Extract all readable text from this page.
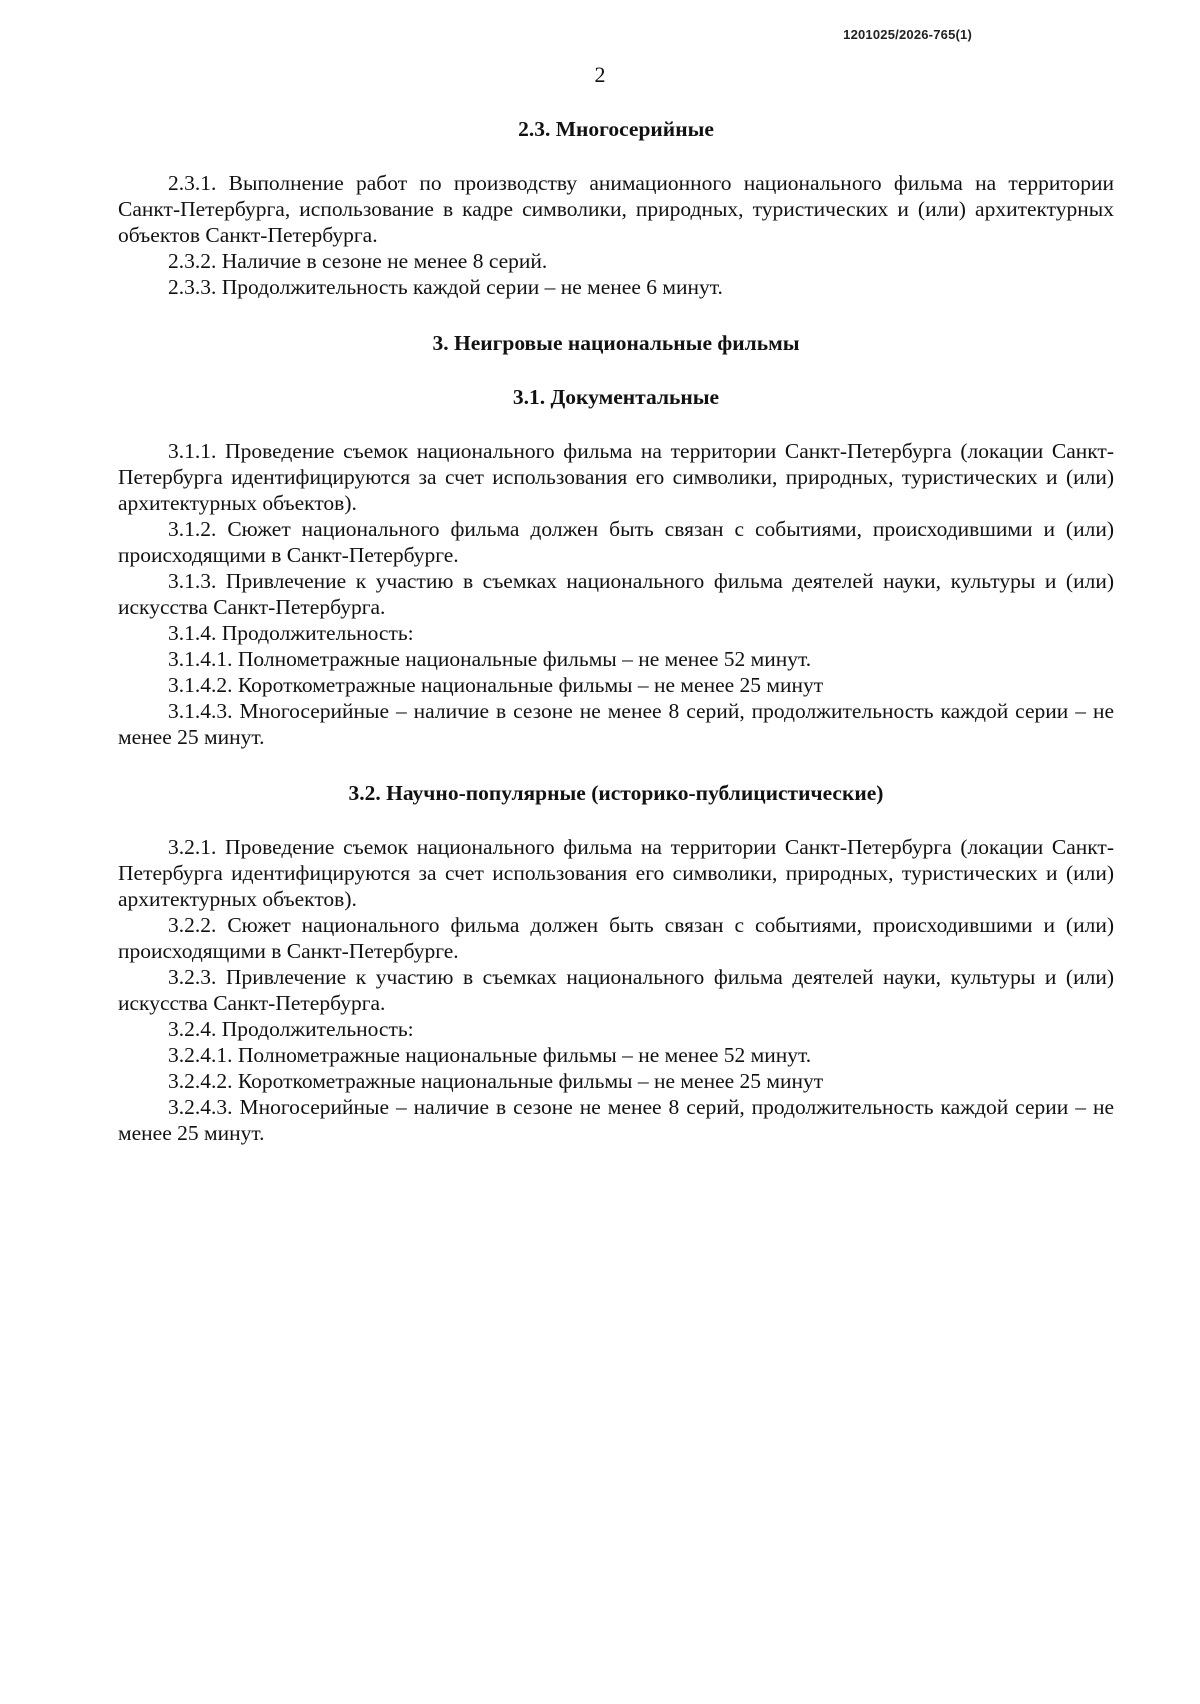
1201025/2026-765(1)
2

2.3. Многосерийные

2.3.1. Выполнение работ по производству анимационного национального фильма на территории Санкт-Петербурга, использование в кадре символики, природных, туристических и (или) архитектурных объектов Санкт-Петербурга.

2.3.2. Наличие в сезоне не менее 8 серий.

2.3.3. Продолжительность каждой серии – не менее 6 минут.

3. Неигровые национальные фильмы

3.1. Документальные

3.1.1. Проведение съемок национального фильма на территории Санкт-Петербурга (локации Санкт-Петербурга идентифицируются за счет использования его символики, природных, туристических и (или) архитектурных объектов).

3.1.2. Сюжет национального фильма должен быть связан с событиями, происходившими и (или) происходящими в Санкт-Петербурге.

3.1.3. Привлечение к участию в съемках национального фильма деятелей науки, культуры и (или) искусства Санкт-Петербурга.

3.1.4. Продолжительность:

3.1.4.1. Полнометражные национальные фильмы – не менее 52 минут.

3.1.4.2. Короткометражные национальные фильмы – не менее 25 минут

3.1.4.3. Многосерийные – наличие в сезоне не менее 8 серий, продолжительность каждой серии – не менее 25 минут.

3.2. Научно-популярные (историко-публицистические)

3.2.1. Проведение съемок национального фильма на территории Санкт-Петербурга (локации Санкт-Петербурга идентифицируются за счет использования его символики, природных, туристических и (или) архитектурных объектов).

3.2.2. Сюжет национального фильма должен быть связан с событиями, происходившими и (или) происходящими в Санкт-Петербурге.

3.2.3. Привлечение к участию в съемках национального фильма деятелей науки, культуры и (или) искусства Санкт-Петербурга.

3.2.4. Продолжительность:

3.2.4.1. Полнометражные национальные фильмы – не менее 52 минут.

3.2.4.2. Короткометражные национальные фильмы – не менее 25 минут

3.2.4.3. Многосерийные – наличие в сезоне не менее 8 серий, продолжительность каждой серии – не менее 25 минут.
